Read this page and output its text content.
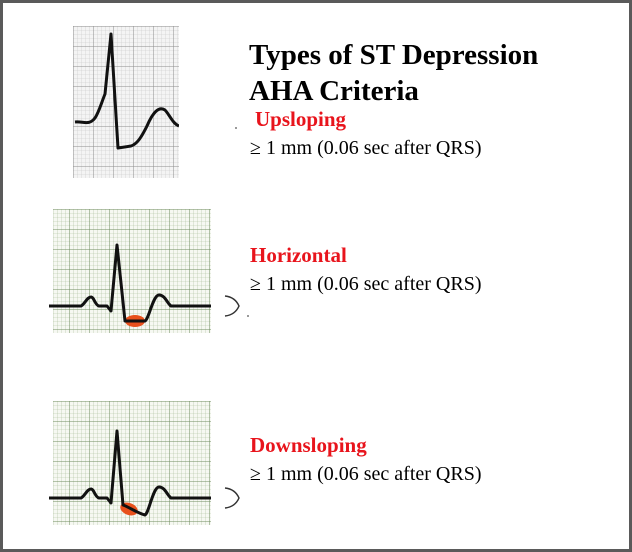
Types of ST Depression
AHA Criteria
Upsloping
≥ 1 mm (0.06 sec after QRS)
Horizontal
≥ 1 mm (0.06 sec after QRS)
Downsloping
≥ 1 mm (0.06 sec after QRS)
